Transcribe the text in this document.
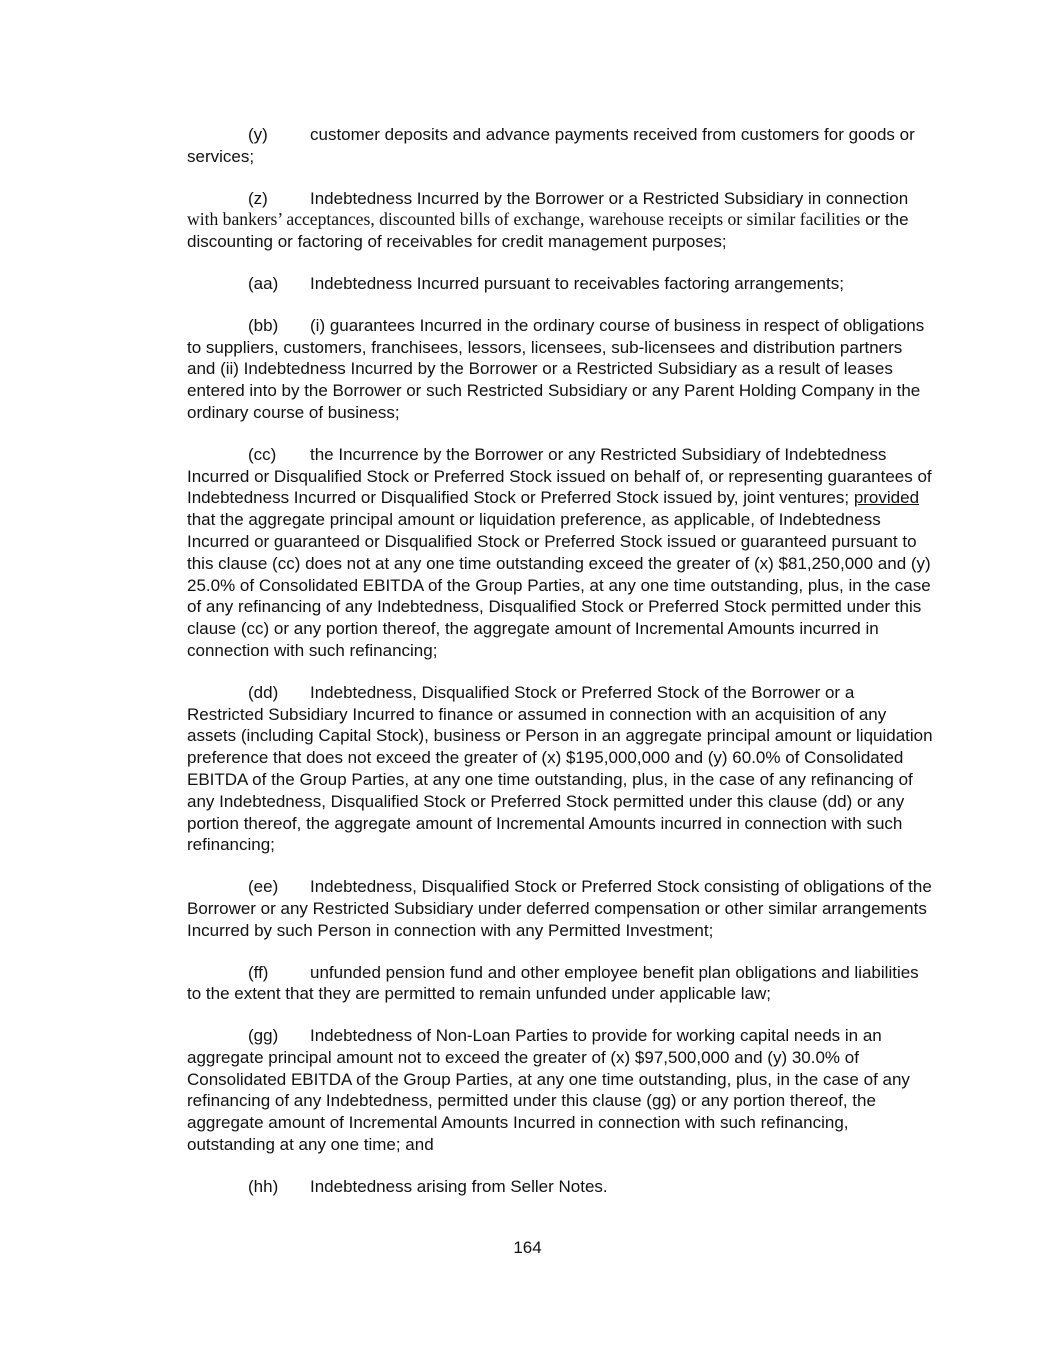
(y) customer deposits and advance payments received from customers for goods or services;

(z) Indebtedness Incurred by the Borrower or a Restricted Subsidiary in connection with bankers’ acceptances, discounted bills of exchange, warehouse receipts or similar facilities or the discounting or factoring of receivables for credit management purposes;

(aa) Indebtedness Incurred pursuant to receivables factoring arrangements;

(bb) (i) guarantees Incurred in the ordinary course of business in respect of obligations to suppliers, customers, franchisees, lessors, licensees, sub-licensees and distribution partners and (ii) Indebtedness Incurred by the Borrower or a Restricted Subsidiary as a result of leases entered into by the Borrower or such Restricted Subsidiary or any Parent Holding Company in the ordinary course of business;

(cc) the Incurrence by the Borrower or any Restricted Subsidiary of Indebtedness Incurred or Disqualified Stock or Preferred Stock issued on behalf of, or representing guarantees of Indebtedness Incurred or Disqualified Stock or Preferred Stock issued by, joint ventures; provided that the aggregate principal amount or liquidation preference, as applicable, of Indebtedness Incurred or guaranteed or Disqualified Stock or Preferred Stock issued or guaranteed pursuant to this clause (cc) does not at any one time outstanding exceed the greater of (x) $81,250,000 and (y) 25.0% of Consolidated EBITDA of the Group Parties, at any one time outstanding, plus, in the case of any refinancing of any Indebtedness, Disqualified Stock or Preferred Stock permitted under this clause (cc) or any portion thereof, the aggregate amount of Incremental Amounts incurred in connection with such refinancing;

(dd) Indebtedness, Disqualified Stock or Preferred Stock of the Borrower or a Restricted Subsidiary Incurred to finance or assumed in connection with an acquisition of any assets (including Capital Stock), business or Person in an aggregate principal amount or liquidation preference that does not exceed the greater of (x) $195,000,000 and (y) 60.0% of Consolidated EBITDA of the Group Parties, at any one time outstanding, plus, in the case of any refinancing of any Indebtedness, Disqualified Stock or Preferred Stock permitted under this clause (dd) or any portion thereof, the aggregate amount of Incremental Amounts incurred in connection with such refinancing;

(ee) Indebtedness, Disqualified Stock or Preferred Stock consisting of obligations of the Borrower or any Restricted Subsidiary under deferred compensation or other similar arrangements Incurred by such Person in connection with any Permitted Investment;

(ff) unfunded pension fund and other employee benefit plan obligations and liabilities to the extent that they are permitted to remain unfunded under applicable law;

(gg) Indebtedness of Non-Loan Parties to provide for working capital needs in an aggregate principal amount not to exceed the greater of (x) $97,500,000 and (y) 30.0% of Consolidated EBITDA of the Group Parties, at any one time outstanding, plus, in the case of any refinancing of any Indebtedness, permitted under this clause (gg) or any portion thereof, the aggregate amount of Incremental Amounts Incurred in connection with such refinancing, outstanding at any one time; and

(hh) Indebtedness arising from Seller Notes.

164
